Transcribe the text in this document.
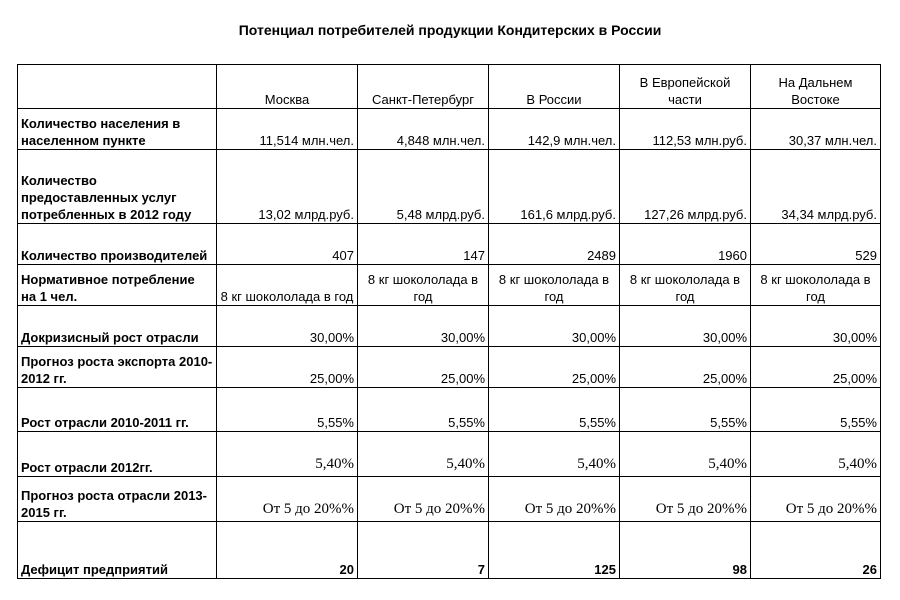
Потенциал потребителей продукции Кондитерских в России
	Москва	Санкт-Петербург	В России	В Европейской части	На Дальнем Востоке
Количество населения в населенном пункте	11,514 млн.чел.	4,848 млн.чел.	142,9 млн.чел.	112,53 млн.руб.	30,37 млн.чел.
Количество предоставленных услуг потребленных в 2012 году	13,02 млрд.руб.	5,48 млрд.руб.	161,6 млрд.руб.	127,26 млрд.руб.	34,34 млрд.руб.
Количество производителей	407	147	2489	1960	529
Нормативное потребление на 1 чел.	8 кг шокололада в год	8 кг шокололада в год	8 кг шокололада в год	8 кг шокололада в год	8 кг шокололада в год
Докризисный рост отрасли	30,00%	30,00%	30,00%	30,00%	30,00%
Прогноз роста экспорта 2010-2012 гг.	25,00%	25,00%	25,00%	25,00%	25,00%
Рост отрасли 2010-2011 гг.	5,55%	5,55%	5,55%	5,55%	5,55%
Рост отрасли 2012гг.	5,40%	5,40%	5,40%	5,40%	5,40%
Прогноз роста отрасли 2013-2015 гг.	От 5 до 20%%	От 5 до 20%%	От 5 до 20%%	От 5 до 20%%	От 5 до 20%%
Дефицит предприятий	20	7	125	98	26
